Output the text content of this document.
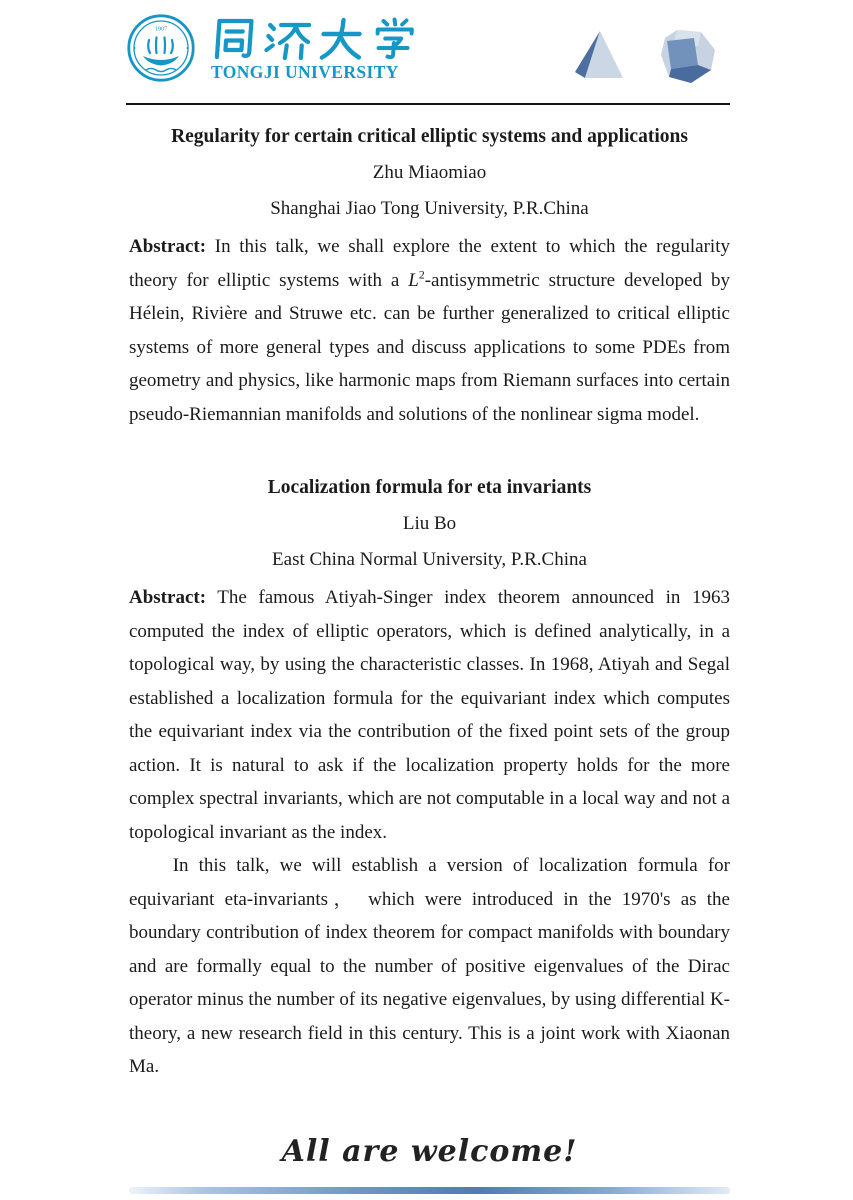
1907
TONGJI UNIVERSITY
Regularity for certain critical elliptic systems and applications
Zhu Miaomiao
Shanghai Jiao Tong University, P.R.China

Abstract: In this talk, we shall explore the extent to which the regularity theory for elliptic systems with a $L^2$-antisymmetric structure developed by Hélein, Rivière and Struwe etc. can be further generalized to critical elliptic systems of more general types and discuss applications to some PDEs from geometry and physics, like harmonic maps from Riemann surfaces into certain pseudo-Riemannian manifolds and solutions of the nonlinear sigma model.

Localization formula for eta invariants
Liu Bo
East China Normal University, P.R.China

Abstract: The famous Atiyah-Singer index theorem announced in 1963 computed the index of elliptic operators, which is defined analytically, in a topological way, by using the characteristic classes. In 1968, Atiyah and Segal established a localization formula for the equivariant index which computes the equivariant index via the contribution of the fixed point sets of the group action. It is natural to ask if the localization property holds for the more complex spectral invariants, which are not computable in a local way and not a topological invariant as the index.

In this talk, we will establish a version of localization formula for equivariant eta-invariants， which were introduced in the 1970's as the boundary contribution of index theorem for compact manifolds with boundary and are formally equal to the number of positive eigenvalues of the Dirac operator minus the number of its negative eigenvalues, by using differential K-theory, a new research field in this century. This is a joint work with Xiaonan Ma.

All are welcome!
